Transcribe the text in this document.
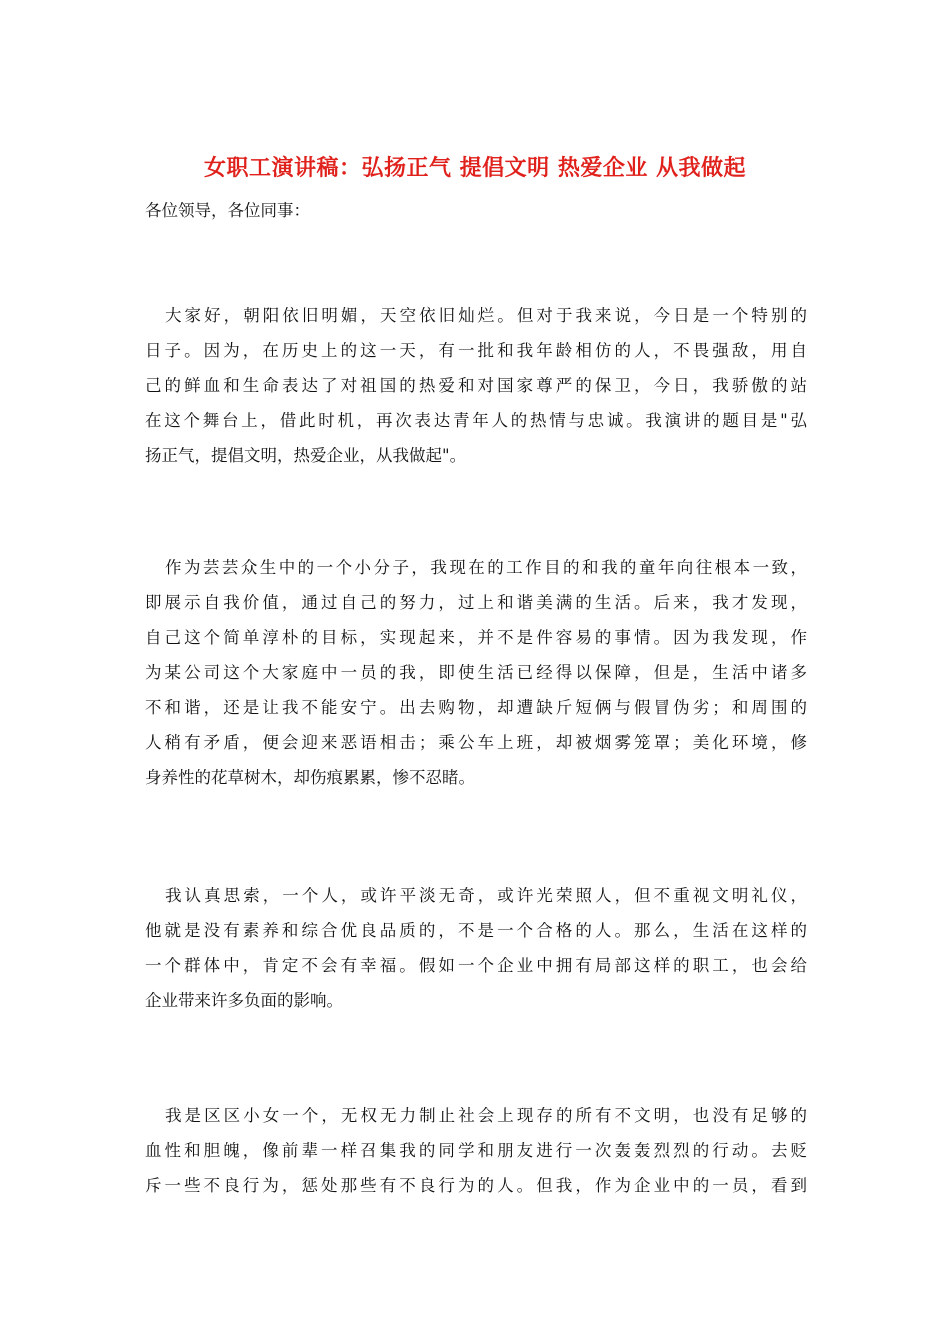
女职工演讲稿：弘扬正气 提倡文明 热爱企业 从我做起
各位领导，各位同事：
大家好，朝阳依旧明媚，天空依旧灿烂。但对于我来说，今日是一个特别的
日子。因为，在历史上的这一天，有一批和我年龄相仿的人，不畏强敌，用自
己的鲜血和生命表达了对祖国的热爱和对国家尊严的保卫，今日，我骄傲的站
在这个舞台上，借此时机，再次表达青年人的热情与忠诚。我演讲的题目是"弘
扬正气，提倡文明，热爱企业，从我做起"。
作为芸芸众生中的一个小分子，我现在的工作目的和我的童年向往根本一致，
即展示自我价值，通过自己的努力，过上和谐美满的生活。后来，我才发现，
自己这个简单淳朴的目标，实现起来，并不是件容易的事情。因为我发现，作
为某公司这个大家庭中一员的我，即使生活已经得以保障，但是，生活中诸多
不和谐，还是让我不能安宁。出去购物，却遭缺斤短俩与假冒伪劣；和周围的
人稍有矛盾，便会迎来恶语相击；乘公车上班，却被烟雾笼罩；美化环境，修
身养性的花草树木，却伤痕累累，惨不忍睹。
我认真思索，一个人，或许平淡无奇，或许光荣照人，但不重视文明礼仪，
他就是没有素养和综合优良品质的，不是一个合格的人。那么，生活在这样的
一个群体中，肯定不会有幸福。假如一个企业中拥有局部这样的职工，也会给
企业带来许多负面的影响。
我是区区小女一个，无权无力制止社会上现存的所有不文明，也没有足够的
血性和胆魄，像前辈一样召集我的同学和朋友进行一次轰轰烈烈的行动。去贬
斥一些不良行为，惩处那些有不良行为的人。但我，作为企业中的一员，看到
